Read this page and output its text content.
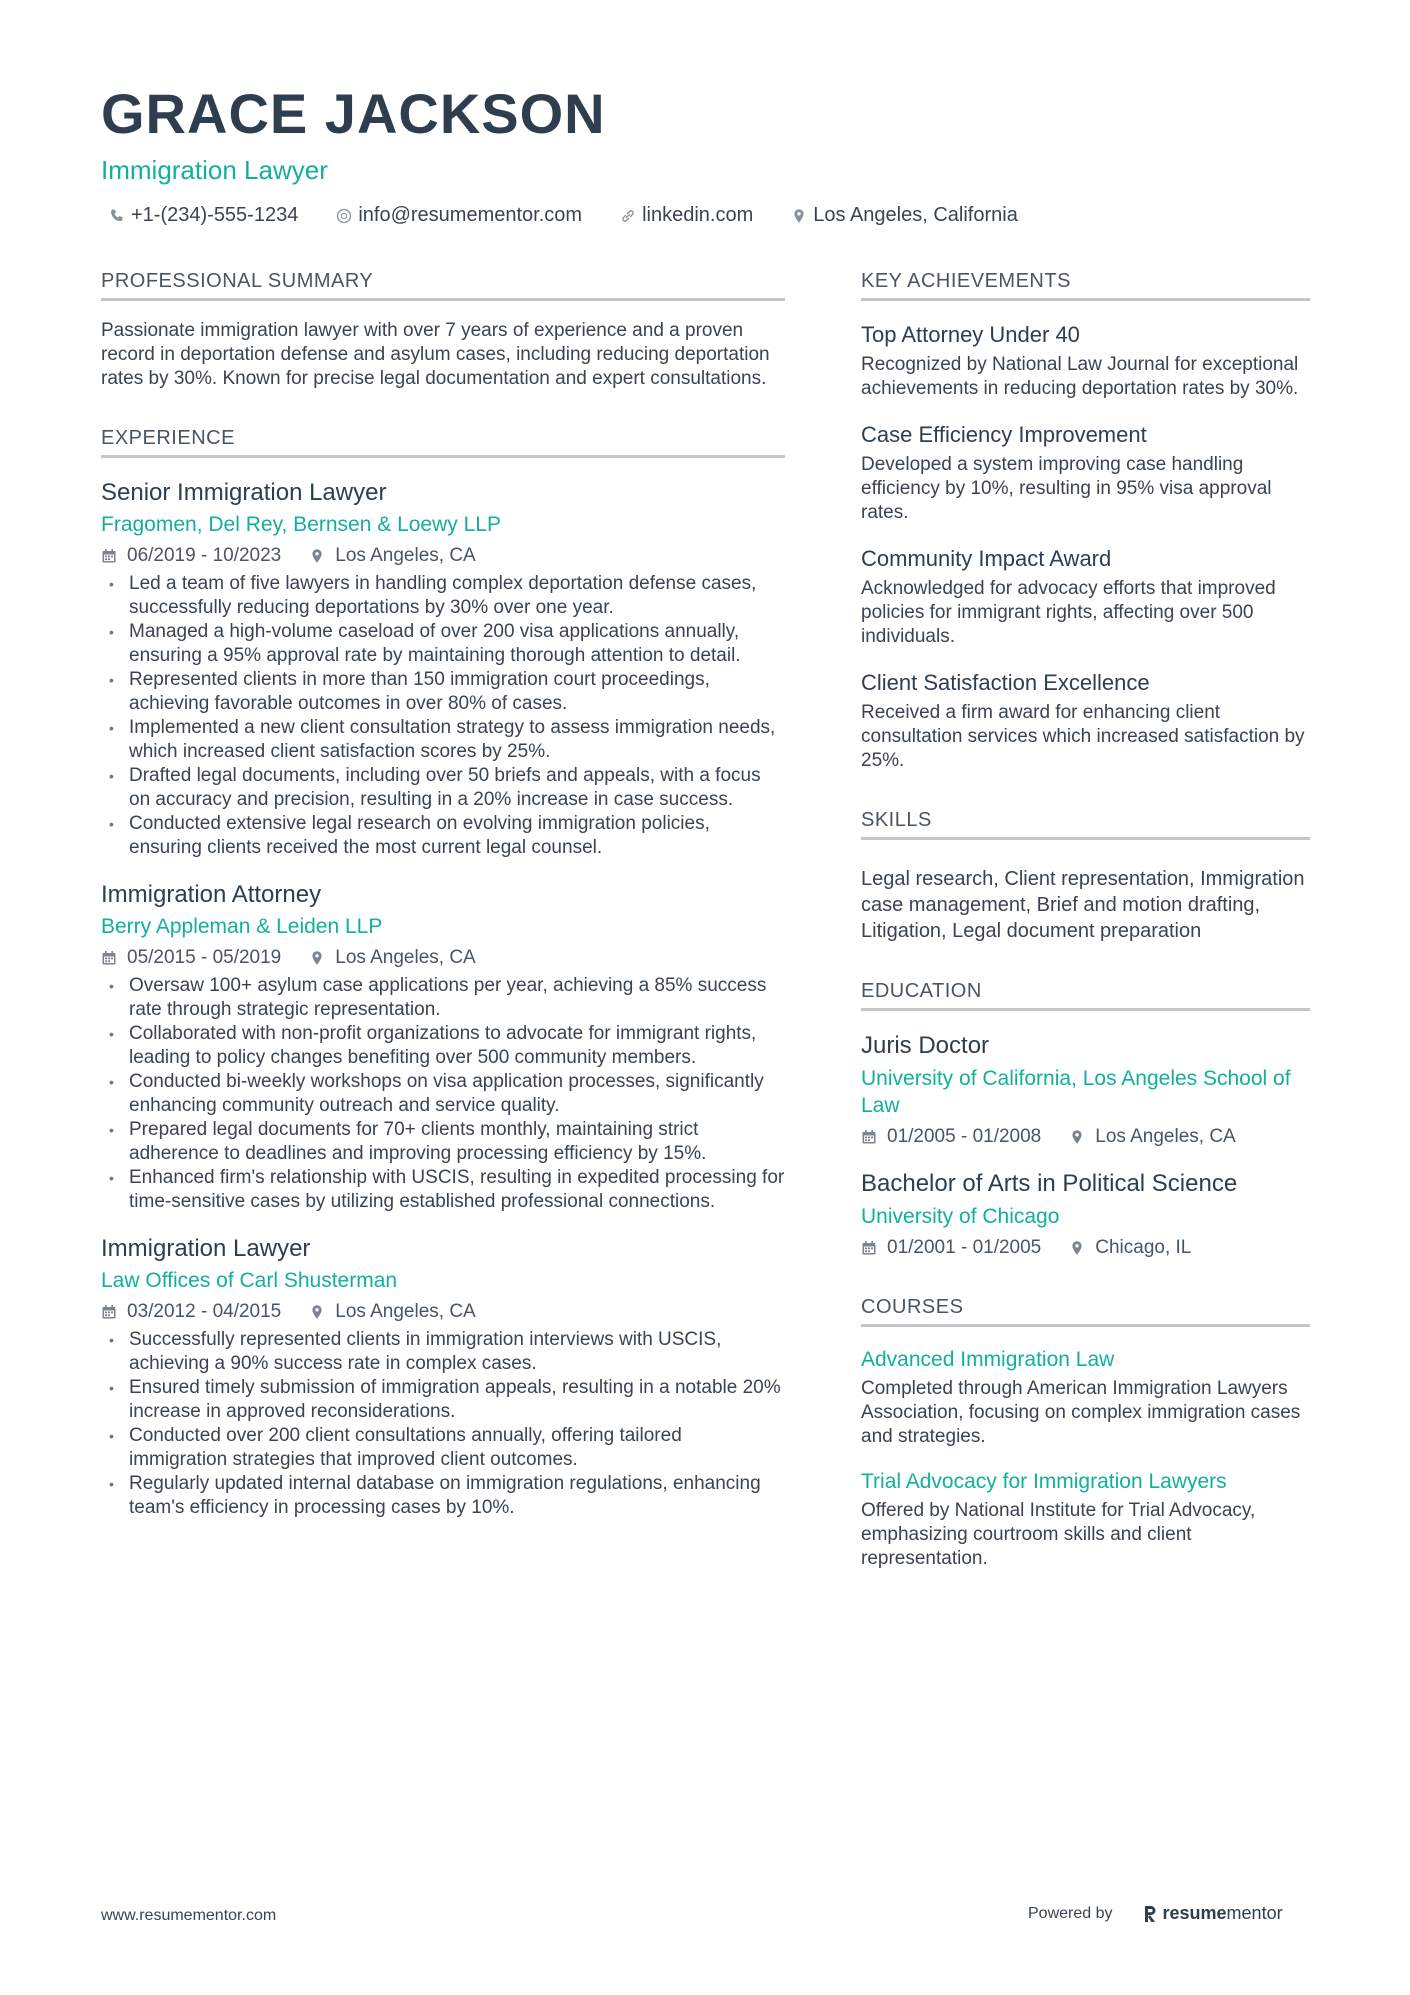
GRACE JACKSON
Immigration Lawyer
+1-(234)-555-1234	info@resumementor.com	linkedin.com	Los Angeles, California
PROFESSIONAL SUMMARY
Passionate immigration lawyer with over 7 years of experience and a proven record in deportation defense and asylum cases, including reducing deportation rates by 30%. Known for precise legal documentation and expert consultations.
EXPERIENCE
Senior Immigration Lawyer
Fragomen, Del Rey, Bernsen & Loewy LLP
06/2019 - 10/2023	Los Angeles, CA
• Led a team of five lawyers in handling complex deportation defense cases, successfully reducing deportations by 30% over one year.
• Managed a high-volume caseload of over 200 visa applications annually, ensuring a 95% approval rate by maintaining thorough attention to detail.
• Represented clients in more than 150 immigration court proceedings, achieving favorable outcomes in over 80% of cases.
• Implemented a new client consultation strategy to assess immigration needs, which increased client satisfaction scores by 25%.
• Drafted legal documents, including over 50 briefs and appeals, with a focus on accuracy and precision, resulting in a 20% increase in case success.
• Conducted extensive legal research on evolving immigration policies, ensuring clients received the most current legal counsel.
Immigration Attorney
Berry Appleman & Leiden LLP
05/2015 - 05/2019	Los Angeles, CA
• Oversaw 100+ asylum case applications per year, achieving a 85% success rate through strategic representation.
• Collaborated with non-profit organizations to advocate for immigrant rights, leading to policy changes benefiting over 500 community members.
• Conducted bi-weekly workshops on visa application processes, significantly enhancing community outreach and service quality.
• Prepared legal documents for 70+ clients monthly, maintaining strict adherence to deadlines and improving processing efficiency by 15%.
• Enhanced firm's relationship with USCIS, resulting in expedited processing for time-sensitive cases by utilizing established professional connections.
Immigration Lawyer
Law Offices of Carl Shusterman
03/2012 - 04/2015	Los Angeles, CA
• Successfully represented clients in immigration interviews with USCIS, achieving a 90% success rate in complex cases.
• Ensured timely submission of immigration appeals, resulting in a notable 20% increase in approved reconsiderations.
• Conducted over 200 client consultations annually, offering tailored immigration strategies that improved client outcomes.
• Regularly updated internal database on immigration regulations, enhancing team's efficiency in processing cases by 10%.
KEY ACHIEVEMENTS
Top Attorney Under 40
Recognized by National Law Journal for exceptional achievements in reducing deportation rates by 30%.
Case Efficiency Improvement
Developed a system improving case handling efficiency by 10%, resulting in 95% visa approval rates.
Community Impact Award
Acknowledged for advocacy efforts that improved policies for immigrant rights, affecting over 500 individuals.
Client Satisfaction Excellence
Received a firm award for enhancing client consultation services which increased satisfaction by 25%.
SKILLS
Legal research, Client representation, Immigration case management, Brief and motion drafting, Litigation, Legal document preparation
EDUCATION
Juris Doctor
University of California, Los Angeles School of Law
01/2005 - 01/2008	Los Angeles, CA
Bachelor of Arts in Political Science
University of Chicago
01/2001 - 01/2005	Chicago, IL
COURSES
Advanced Immigration Law
Completed through American Immigration Lawyers Association, focusing on complex immigration cases and strategies.
Trial Advocacy for Immigration Lawyers
Offered by National Institute for Trial Advocacy, emphasizing courtroom skills and client representation.
www.resumementor.com	Powered by	resume mentor
